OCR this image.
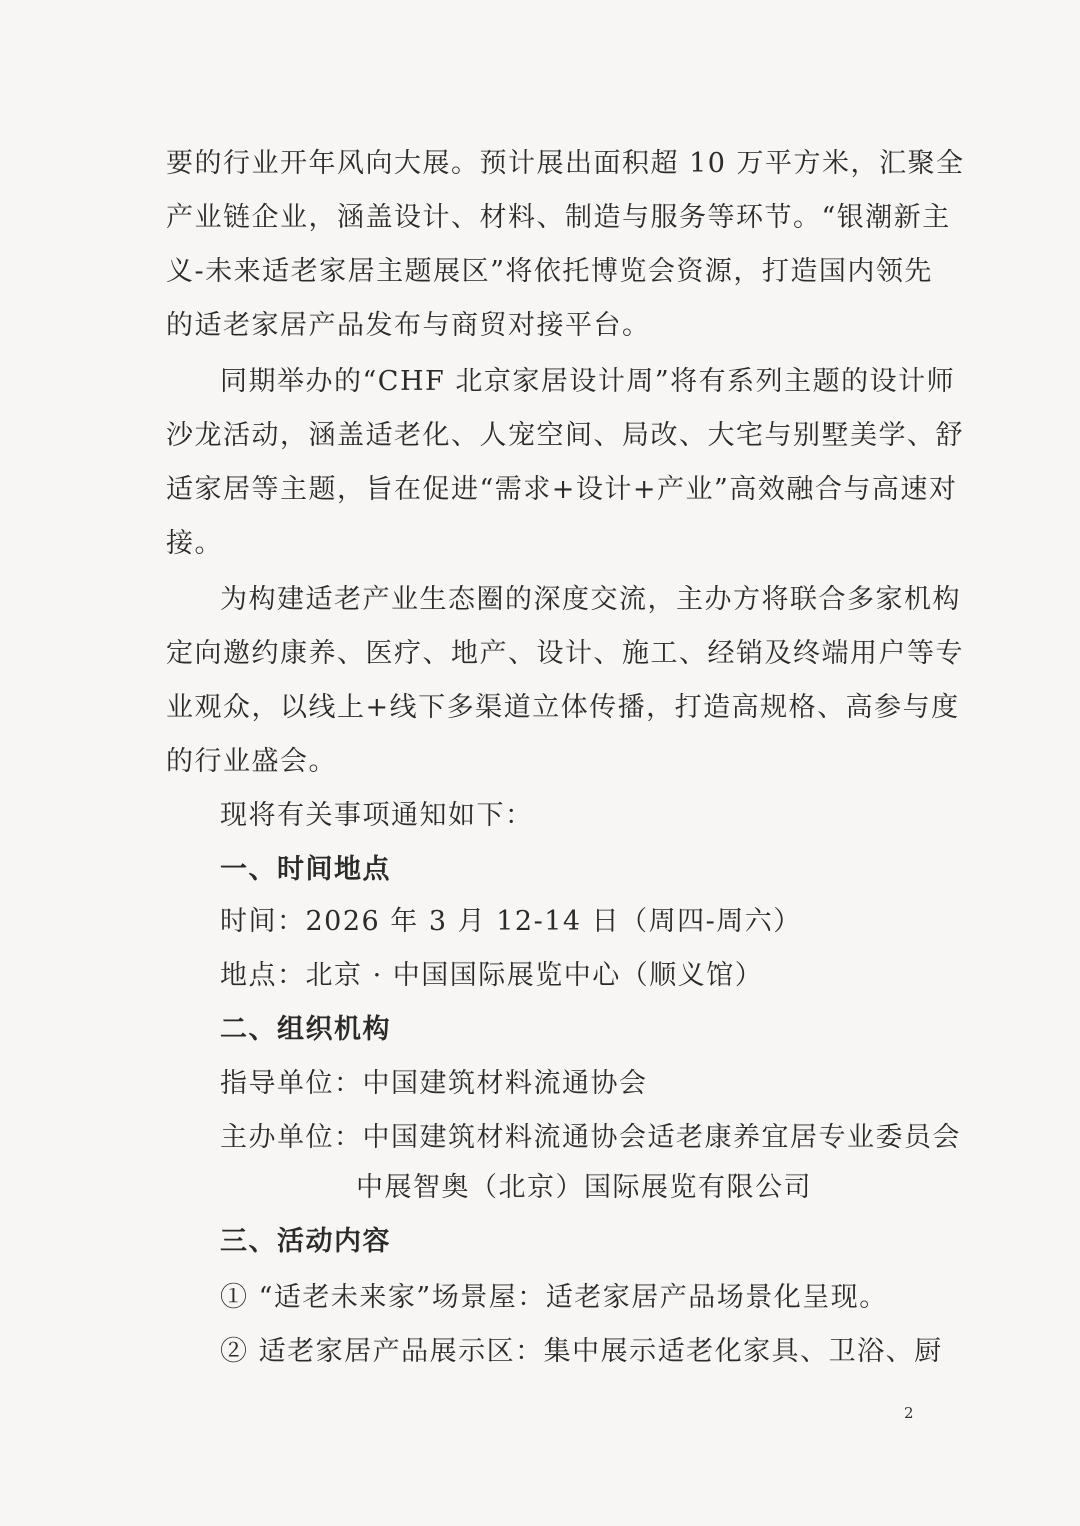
要的行业开年风向大展。预计展出面积超 10 万平方米，汇聚全
产业链企业，涵盖设计、材料、制造与服务等环节。“银潮新主
义-未来适老家居主题展区”将依托博览会资源，打造国内领先
的适老家居产品发布与商贸对接平台。
同期举办的“CHF 北京家居设计周”将有系列主题的设计师
沙龙活动，涵盖适老化、人宠空间、局改、大宅与别墅美学、舒
适家居等主题，旨在促进“需求+设计+产业”高效融合与高速对
接。
为构建适老产业生态圈的深度交流，主办方将联合多家机构
定向邀约康养、医疗、地产、设计、施工、经销及终端用户等专
业观众，以线上+线下多渠道立体传播，打造高规格、高参与度
的行业盛会。
现将有关事项通知如下：
一、时间地点
时间：2026 年 3 月 12-14 日（周四-周六）
地点：北京 · 中国国际展览中心（顺义馆）
二、组织机构
指导单位：中国建筑材料流通协会
主办单位：中国建筑材料流通协会适老康养宜居专业委员会
中展智奥（北京）国际展览有限公司
三、活动内容
① “适老未来家”场景屋：适老家居产品场景化呈现。
② 适老家居产品展示区：集中展示适老化家具、卫浴、厨
2
